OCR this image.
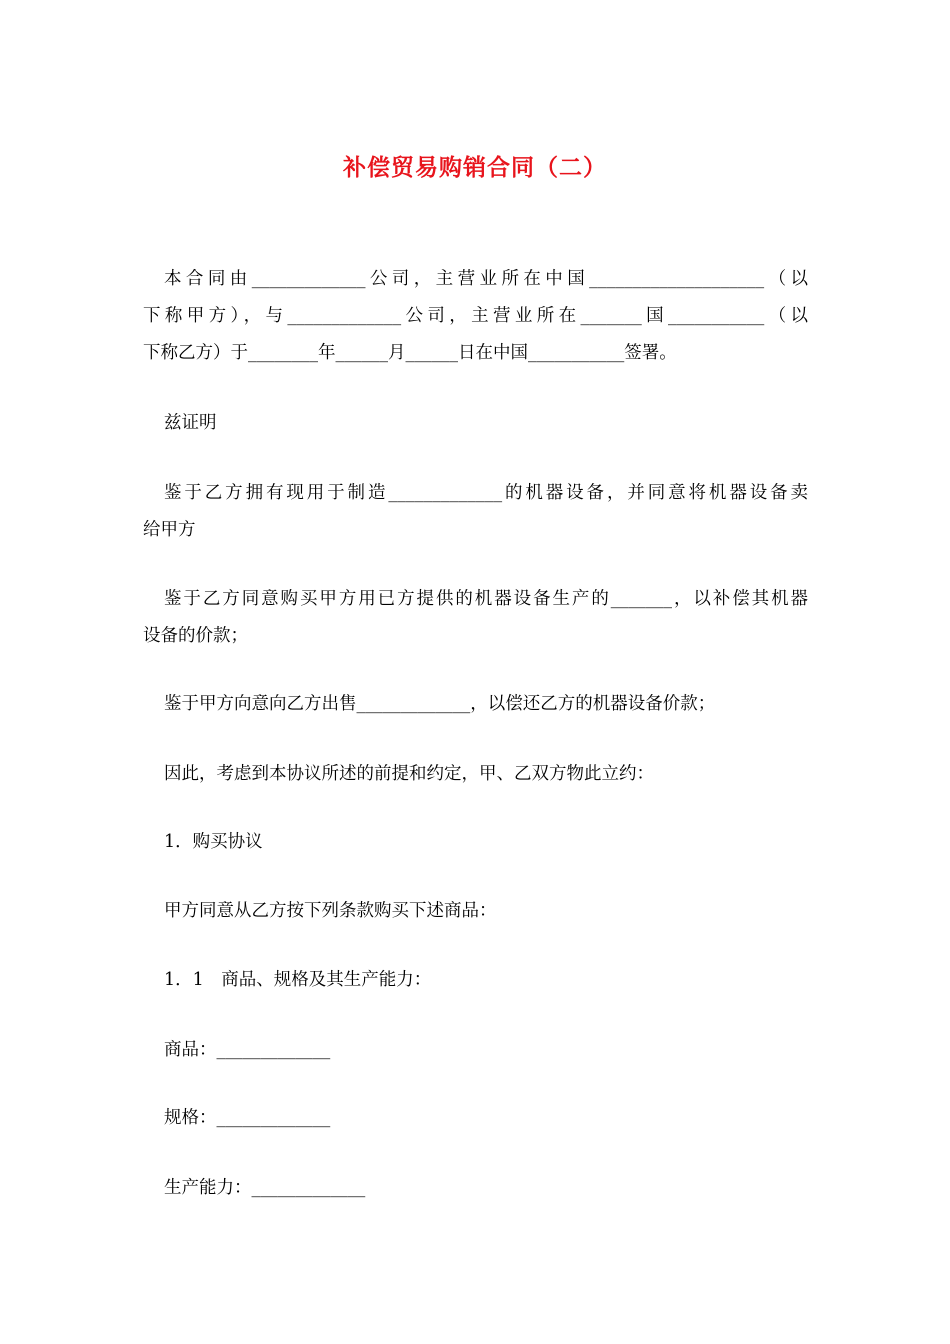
补偿贸易购销合同（二）
本合同由_____________公司，主营业所在中国____________________（以
下称甲方），与_____________公司，主营业所在_______国___________（以
下称乙方）于________年______月______日在中国___________签署。
兹证明
鉴于乙方拥有现用于制造_____________的机器设备，并同意将机器设备卖
给甲方
鉴于乙方同意购买甲方用已方提供的机器设备生产的_______，以补偿其机器
设备的价款；
鉴于甲方向意向乙方出售_____________，以偿还乙方的机器设备价款；
因此，考虑到本协议所述的前提和约定，甲、乙双方物此立约：
1．购买协议
甲方同意从乙方按下列条款购买下述商品：
1．1　商品、规格及其生产能力：
商品：_____________
规格：_____________
生产能力：_____________
